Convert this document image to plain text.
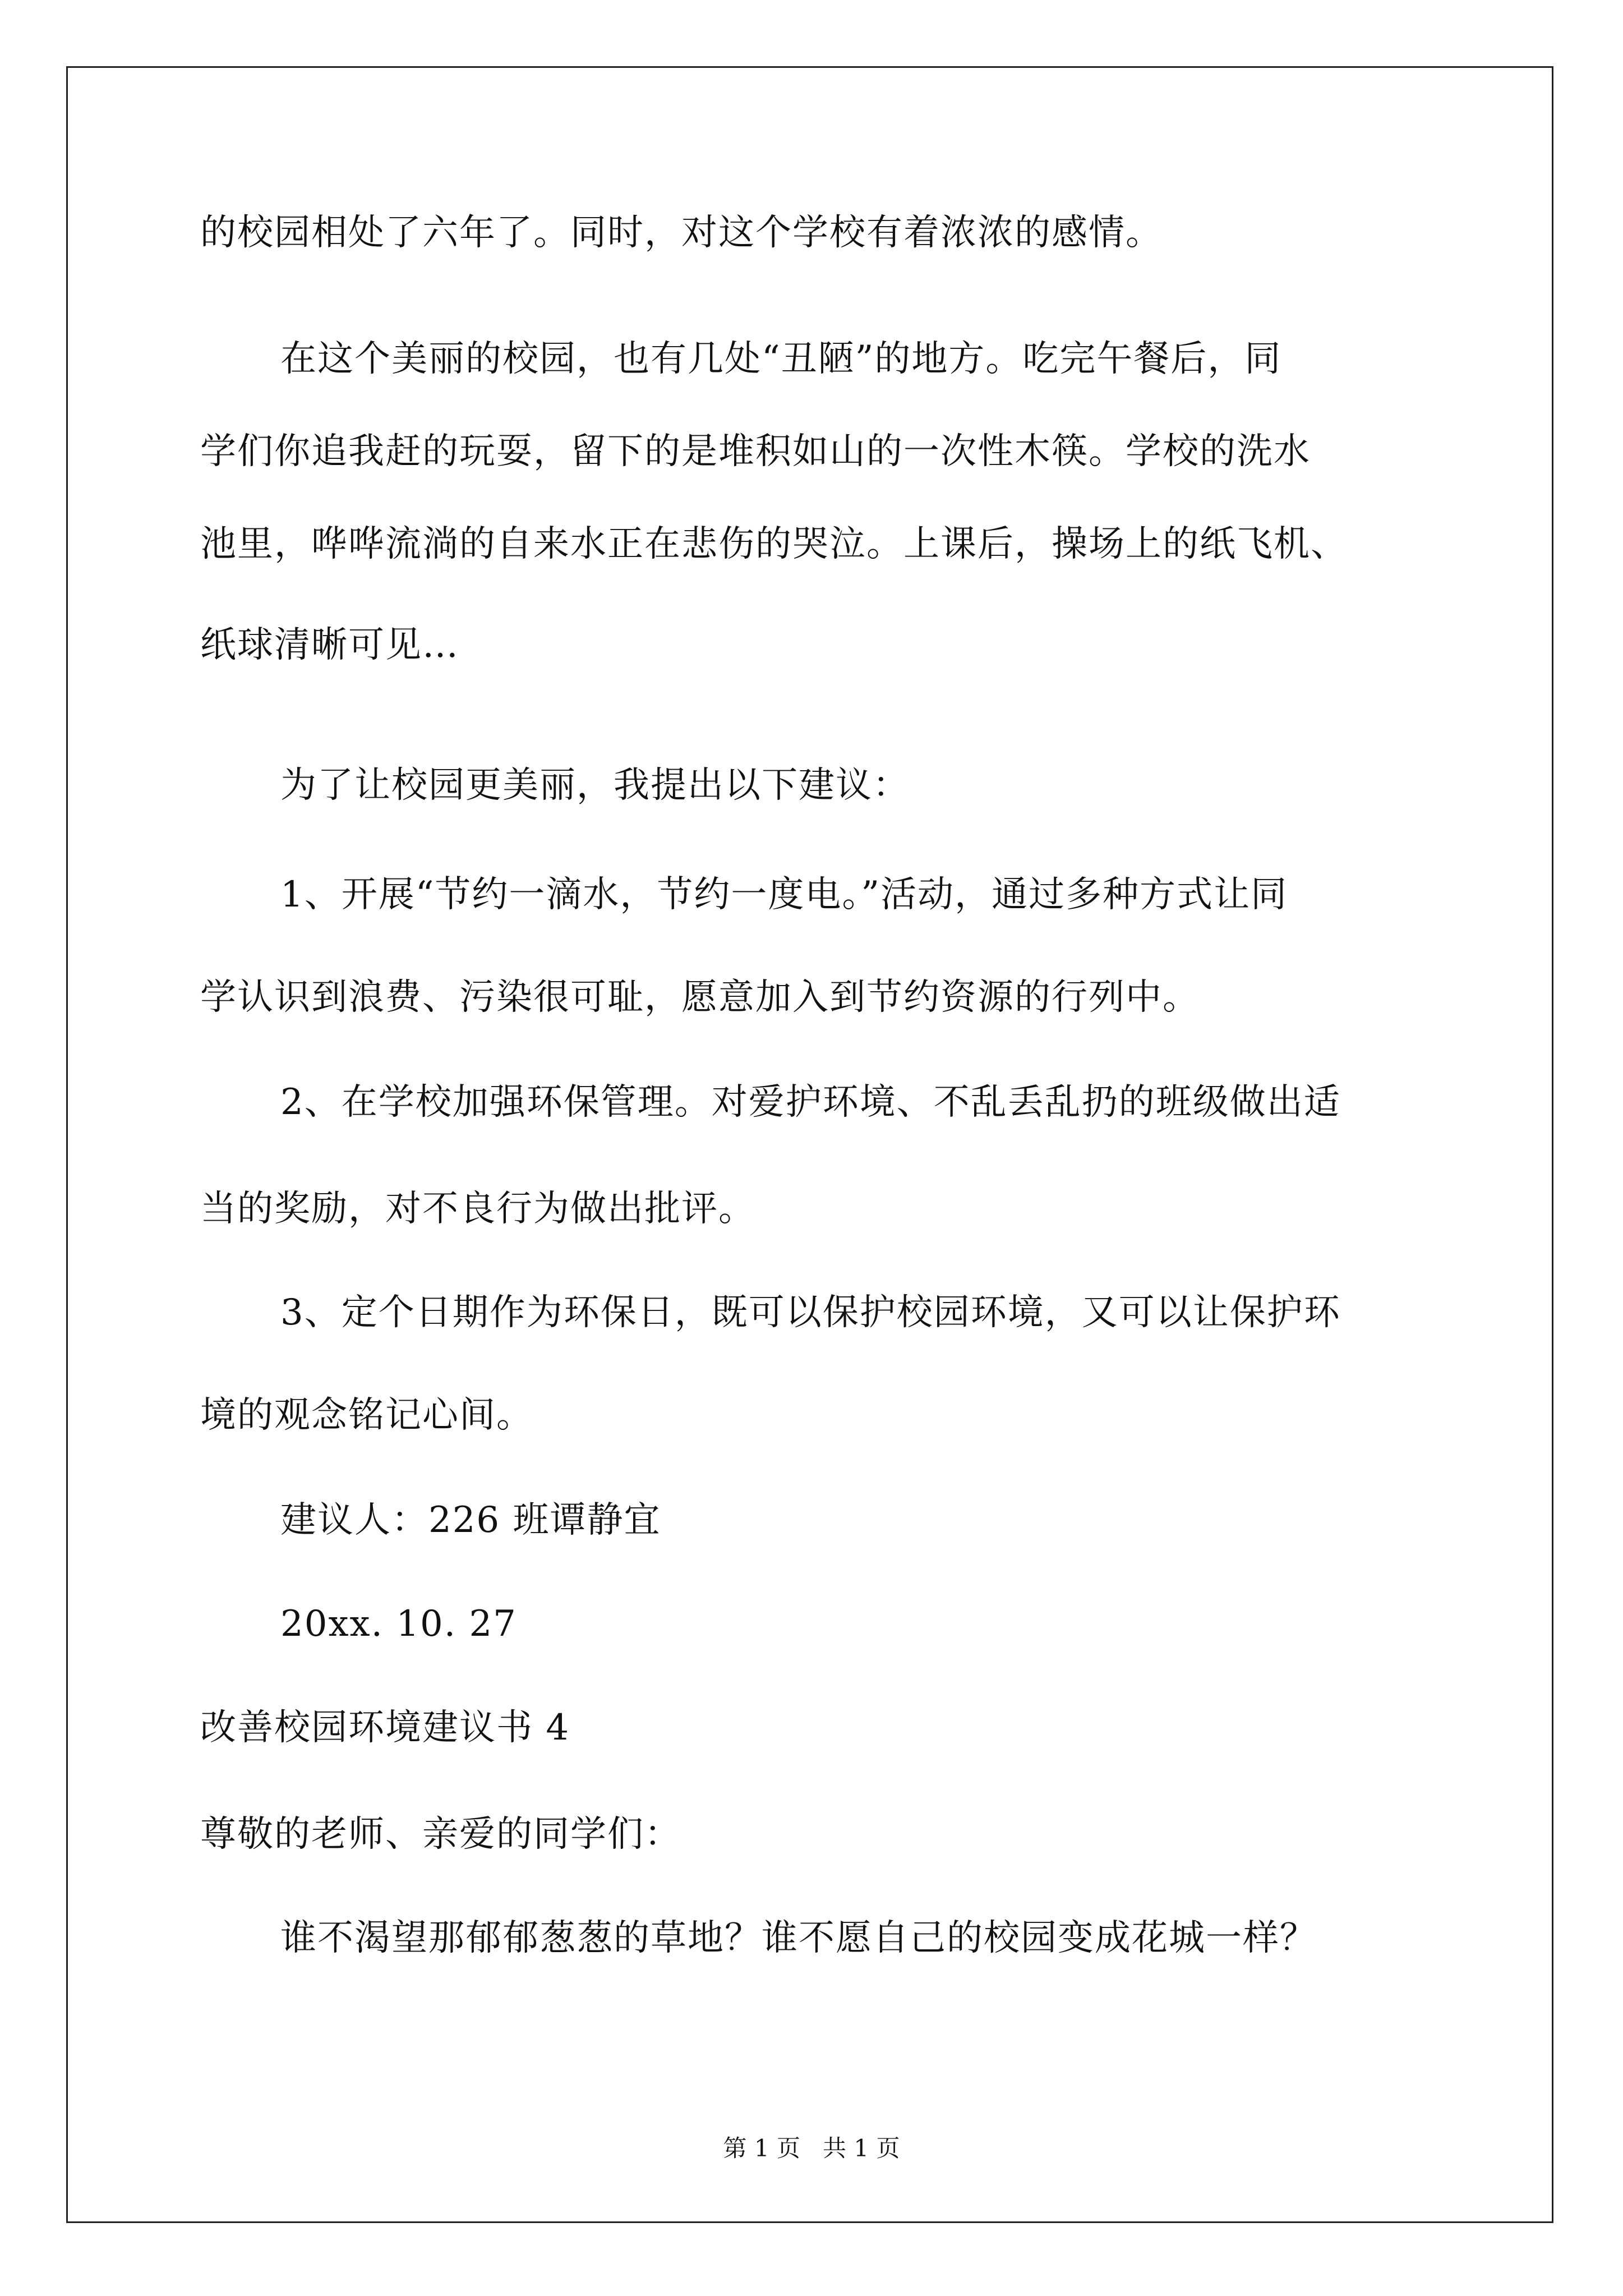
的校园相处了六年了。同时，对这个学校有着浓浓的感情。
在这个美丽的校园，也有几处“丑陋”的地方。吃完午餐后，同
学们你追我赶的玩耍，留下的是堆积如山的一次性木筷。学校的洗水
池里，哗哗流淌的自来水正在悲伤的哭泣。上课后，操场上的纸飞机、
纸球清晰可见…
为了让校园更美丽，我提出以下建议：
1、开展“节约一滴水，节约一度电。”活动，通过多种方式让同
学认识到浪费、污染很可耻，愿意加入到节约资源的行列中。
2、在学校加强环保管理。对爱护环境、不乱丢乱扔的班级做出适
当的奖励，对不良行为做出批评。
3、定个日期作为环保日，既可以保护校园环境，又可以让保护环
境的观念铭记心间。
建议人：226 班谭静宜
20xx. 10. 27
改善校园环境建议书 4
尊敬的老师、亲爱的同学们：
谁不渴望那郁郁葱葱的草地？谁不愿自己的校园变成花城一样？
第 1 页   共 1 页
